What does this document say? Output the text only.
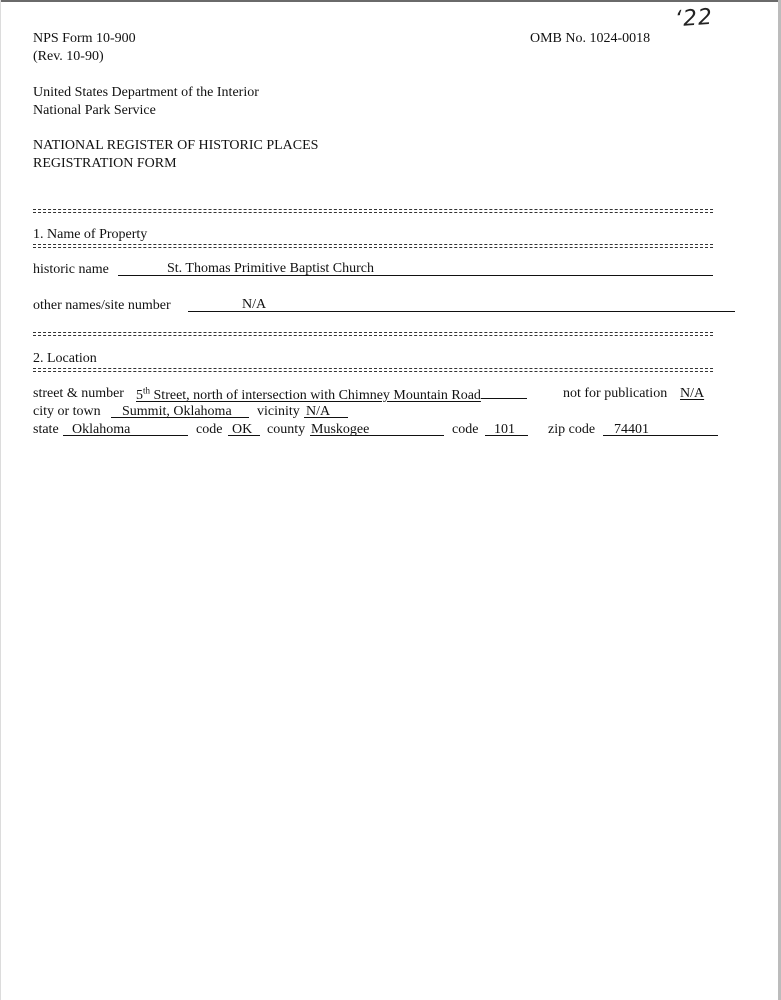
NPS Form 10-900
(Rev. 10-90)
OMB No. 1024-0018
ʻ22
United States Department of the Interior
National Park Service
NATIONAL REGISTER OF HISTORIC PLACES
REGISTRATION FORM
1. Name of Property
historic name	St. Thomas Primitive Baptist Church
other names/site number	N/A
2. Location
street & number 5th Street, north of intersection with Chimney Mountain Road	not for publication N/A
city or town Summit, Oklahoma vicinity N/A
state Oklahoma	code OK county Muskogee	code 101 zip code 74401
